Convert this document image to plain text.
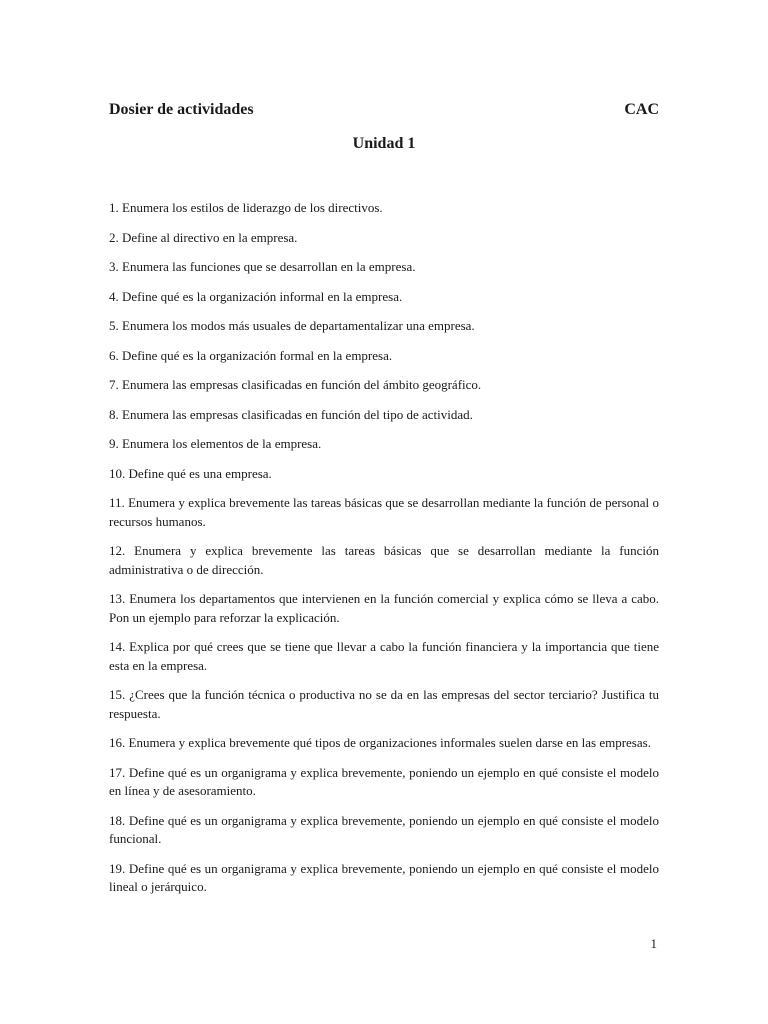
Dosier de actividades	CAC
Unidad 1
1. Enumera los estilos de liderazgo de los directivos.
2. Define al directivo en la empresa.
3. Enumera las funciones que se desarrollan en la empresa.
4. Define qué es la organización informal en la empresa.
5. Enumera los modos más usuales de departamentalizar una empresa.
6. Define qué es la organización formal en la empresa.
7. Enumera las empresas clasificadas en función del ámbito geográfico.
8. Enumera las empresas clasificadas en función del tipo de actividad.
9. Enumera los elementos de la empresa.
10. Define qué es una empresa.
11. Enumera y explica brevemente las tareas básicas que se desarrollan mediante la función de personal o recursos humanos.
12. Enumera y explica brevemente las tareas básicas que se desarrollan mediante la función administrativa o de dirección.
13. Enumera los departamentos que intervienen en la función comercial y explica cómo se lleva a cabo. Pon un ejemplo para reforzar la explicación.
14. Explica por qué crees que se tiene que llevar a cabo la función financiera y la importancia que tiene esta en la empresa.
15. ¿Crees que la función técnica o productiva no se da en las empresas del sector terciario? Justifica tu respuesta.
16. Enumera y explica brevemente qué tipos de organizaciones informales suelen darse en las empresas.
17. Define qué es un organigrama y explica brevemente, poniendo un ejemplo en qué consiste el modelo en línea y de asesoramiento.
18. Define qué es un organigrama y explica brevemente, poniendo un ejemplo en qué consiste el modelo funcional.
19. Define qué es un organigrama y explica brevemente, poniendo un ejemplo en qué consiste el modelo lineal o jerárquico.
1
